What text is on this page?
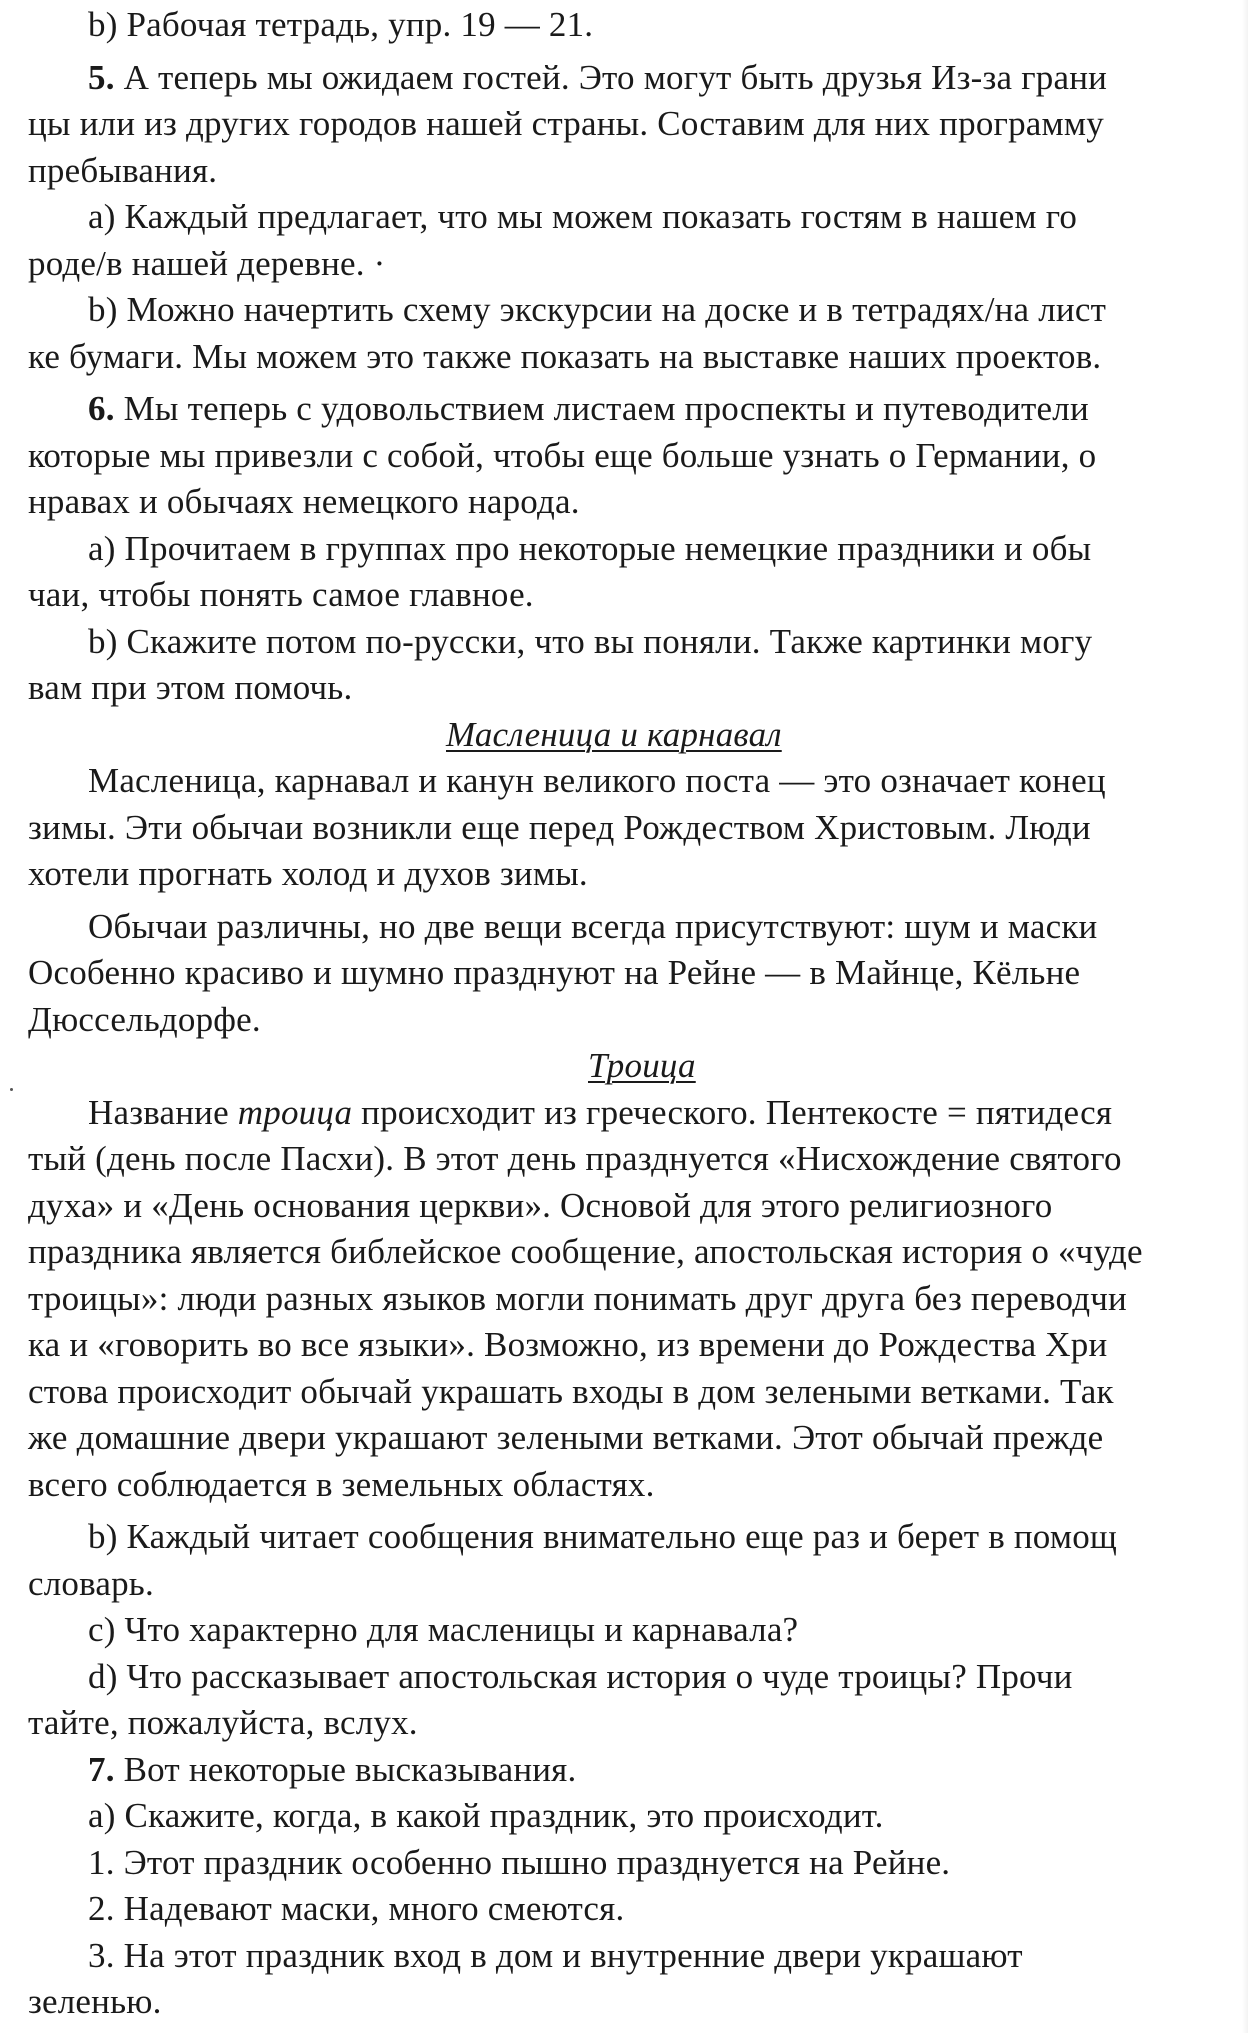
b) Рабочая тетрадь, упр. 19 — 21.
5. А теперь мы ожидаем гостей. Это могут быть друзья Из-за грани
цы или из других городов нашей страны. Составим для них программу
пребывания.
a) Каждый предлагает, что мы можем показать гостям в нашем го
роде/в нашей деревне. ·
b) Можно начертить схему экскурсии на доске и в тетрадях/на лист
ке бумаги. Мы можем это также показать на выставке наших проектов.
6. Мы теперь с удовольствием листаем проспекты и путеводители
которые мы привезли с собой, чтобы еще больше узнать о Германии, о
нравах и обычаях немецкого народа.
a) Прочитаем в группах про некоторые немецкие праздники и обы
чаи, чтобы понять самое главное.
b) Скажите потом по-русски, что вы поняли. Также картинки могу
вам при этом помочь.
Масленица и карнавал
Масленица, карнавал и канун великого поста — это означает конец
зимы. Эти обычаи возникли еще перед Рождеством Христовым. Люди
хотели прогнать холод и духов зимы.
Обычаи различны, но две вещи всегда присутствуют: шум и маски
Особенно красиво и шумно празднуют на Рейне — в Майнце, Кёльне
Дюссельдорфе.
Троица
Название троица происходит из греческого. Пентекосте = пятидеся
тый (день после Пасхи). В этот день празднуется «Нисхождение святого
духа» и «День основания церкви». Основой для этого религиозного
праздника является библейское сообщение, апостольская история о «чуде
троицы»: люди разных языков могли понимать друг друга без переводчи
ка и «говорить во все языки». Возможно, из времени до Рождества Хри
стова происходит обычай украшать входы в дом зелеными ветками. Так
же домашние двери украшают зелеными ветками. Этот обычай прежде
всего соблюдается в земельных областях.
b) Каждый читает сообщения внимательно еще раз и берет в помощ
словарь.
c) Что характерно для масленицы и карнавала?
d) Что рассказывает апостольская история о чуде троицы? Прочи
тайте, пожалуйста, вслух.
7. Вот некоторые высказывания.
a) Скажите, когда, в какой праздник, это происходит.
1. Этот праздник особенно пышно празднуется на Рейне.
2. Надевают маски, много смеются.
3. На этот праздник вход в дом и внутренние двери украшают
зеленью.
